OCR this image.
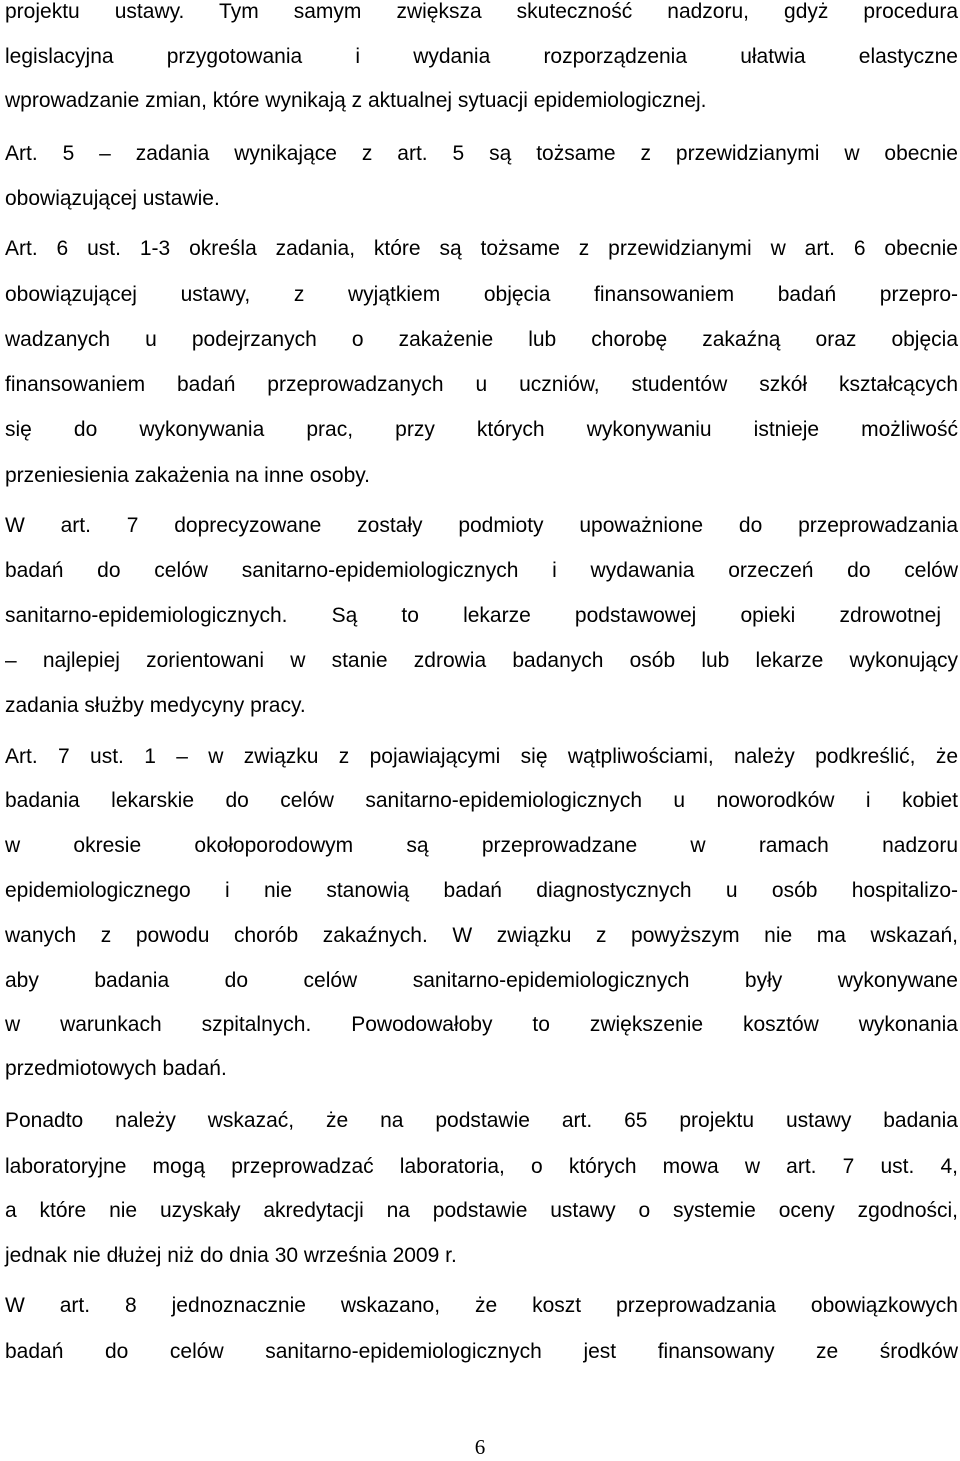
projektu ustawy. Tym samym zwiększa skuteczność nadzoru, gdyż procedura
legislacyjna przygotowania i wydania rozporządzenia ułatwia elastyczne
wprowadzanie zmian, które wynikają z aktualnej sytuacji epidemiologicznej.
Art. 5 – zadania wynikające z art. 5 są tożsame z przewidzianymi w obecnie
obowiązującej ustawie.
Art. 6 ust. 1-3 określa zadania, które są tożsame z przewidzianymi w art. 6 obecnie
obowiązującej ustawy, z wyjątkiem objęcia finansowaniem badań przepro-
wadzanych u podejrzanych o zakażenie lub chorobę zakaźną oraz objęcia
finansowaniem badań przeprowadzanych u uczniów, studentów szkół kształcących
się do wykonywania prac, przy których wykonywaniu istnieje możliwość
przeniesienia zakażenia na inne osoby.
W art. 7 doprecyzowane zostały podmioty upoważnione do przeprowadzania
badań do celów sanitarno-epidemiologicznych i wydawania orzeczeń do celów
sanitarno-epidemiologicznych. Są to lekarze podstawowej opieki zdrowotnej
– najlepiej zorientowani w stanie zdrowia badanych osób lub lekarze wykonujący
zadania służby medycyny pracy.
Art. 7 ust. 1 – w związku z pojawiającymi się wątpliwościami, należy podkreślić, że
badania lekarskie do celów sanitarno-epidemiologicznych u noworodków i kobiet
w okresie okołoporodowym są przeprowadzane w ramach nadzoru
epidemiologicznego i nie stanowią badań diagnostycznych u osób hospitalizo-
wanych z powodu chorób zakaźnych. W związku z powyższym nie ma wskazań,
aby badania do celów sanitarno-epidemiologicznych były wykonywane
w warunkach szpitalnych. Powodowałoby to zwiększenie kosztów wykonania
przedmiotowych badań.
Ponadto należy wskazać, że na podstawie art. 65 projektu ustawy badania
laboratoryjne mogą przeprowadzać laboratoria, o których mowa w art. 7 ust. 4,
a które nie uzyskały akredytacji na podstawie ustawy o systemie oceny zgodności,
jednak nie dłużej niż do dnia 30 września 2009 r.
W art. 8 jednoznacznie wskazano, że koszt przeprowadzania obowiązkowych
badań do celów sanitarno-epidemiologicznych jest finansowany ze środków
6
